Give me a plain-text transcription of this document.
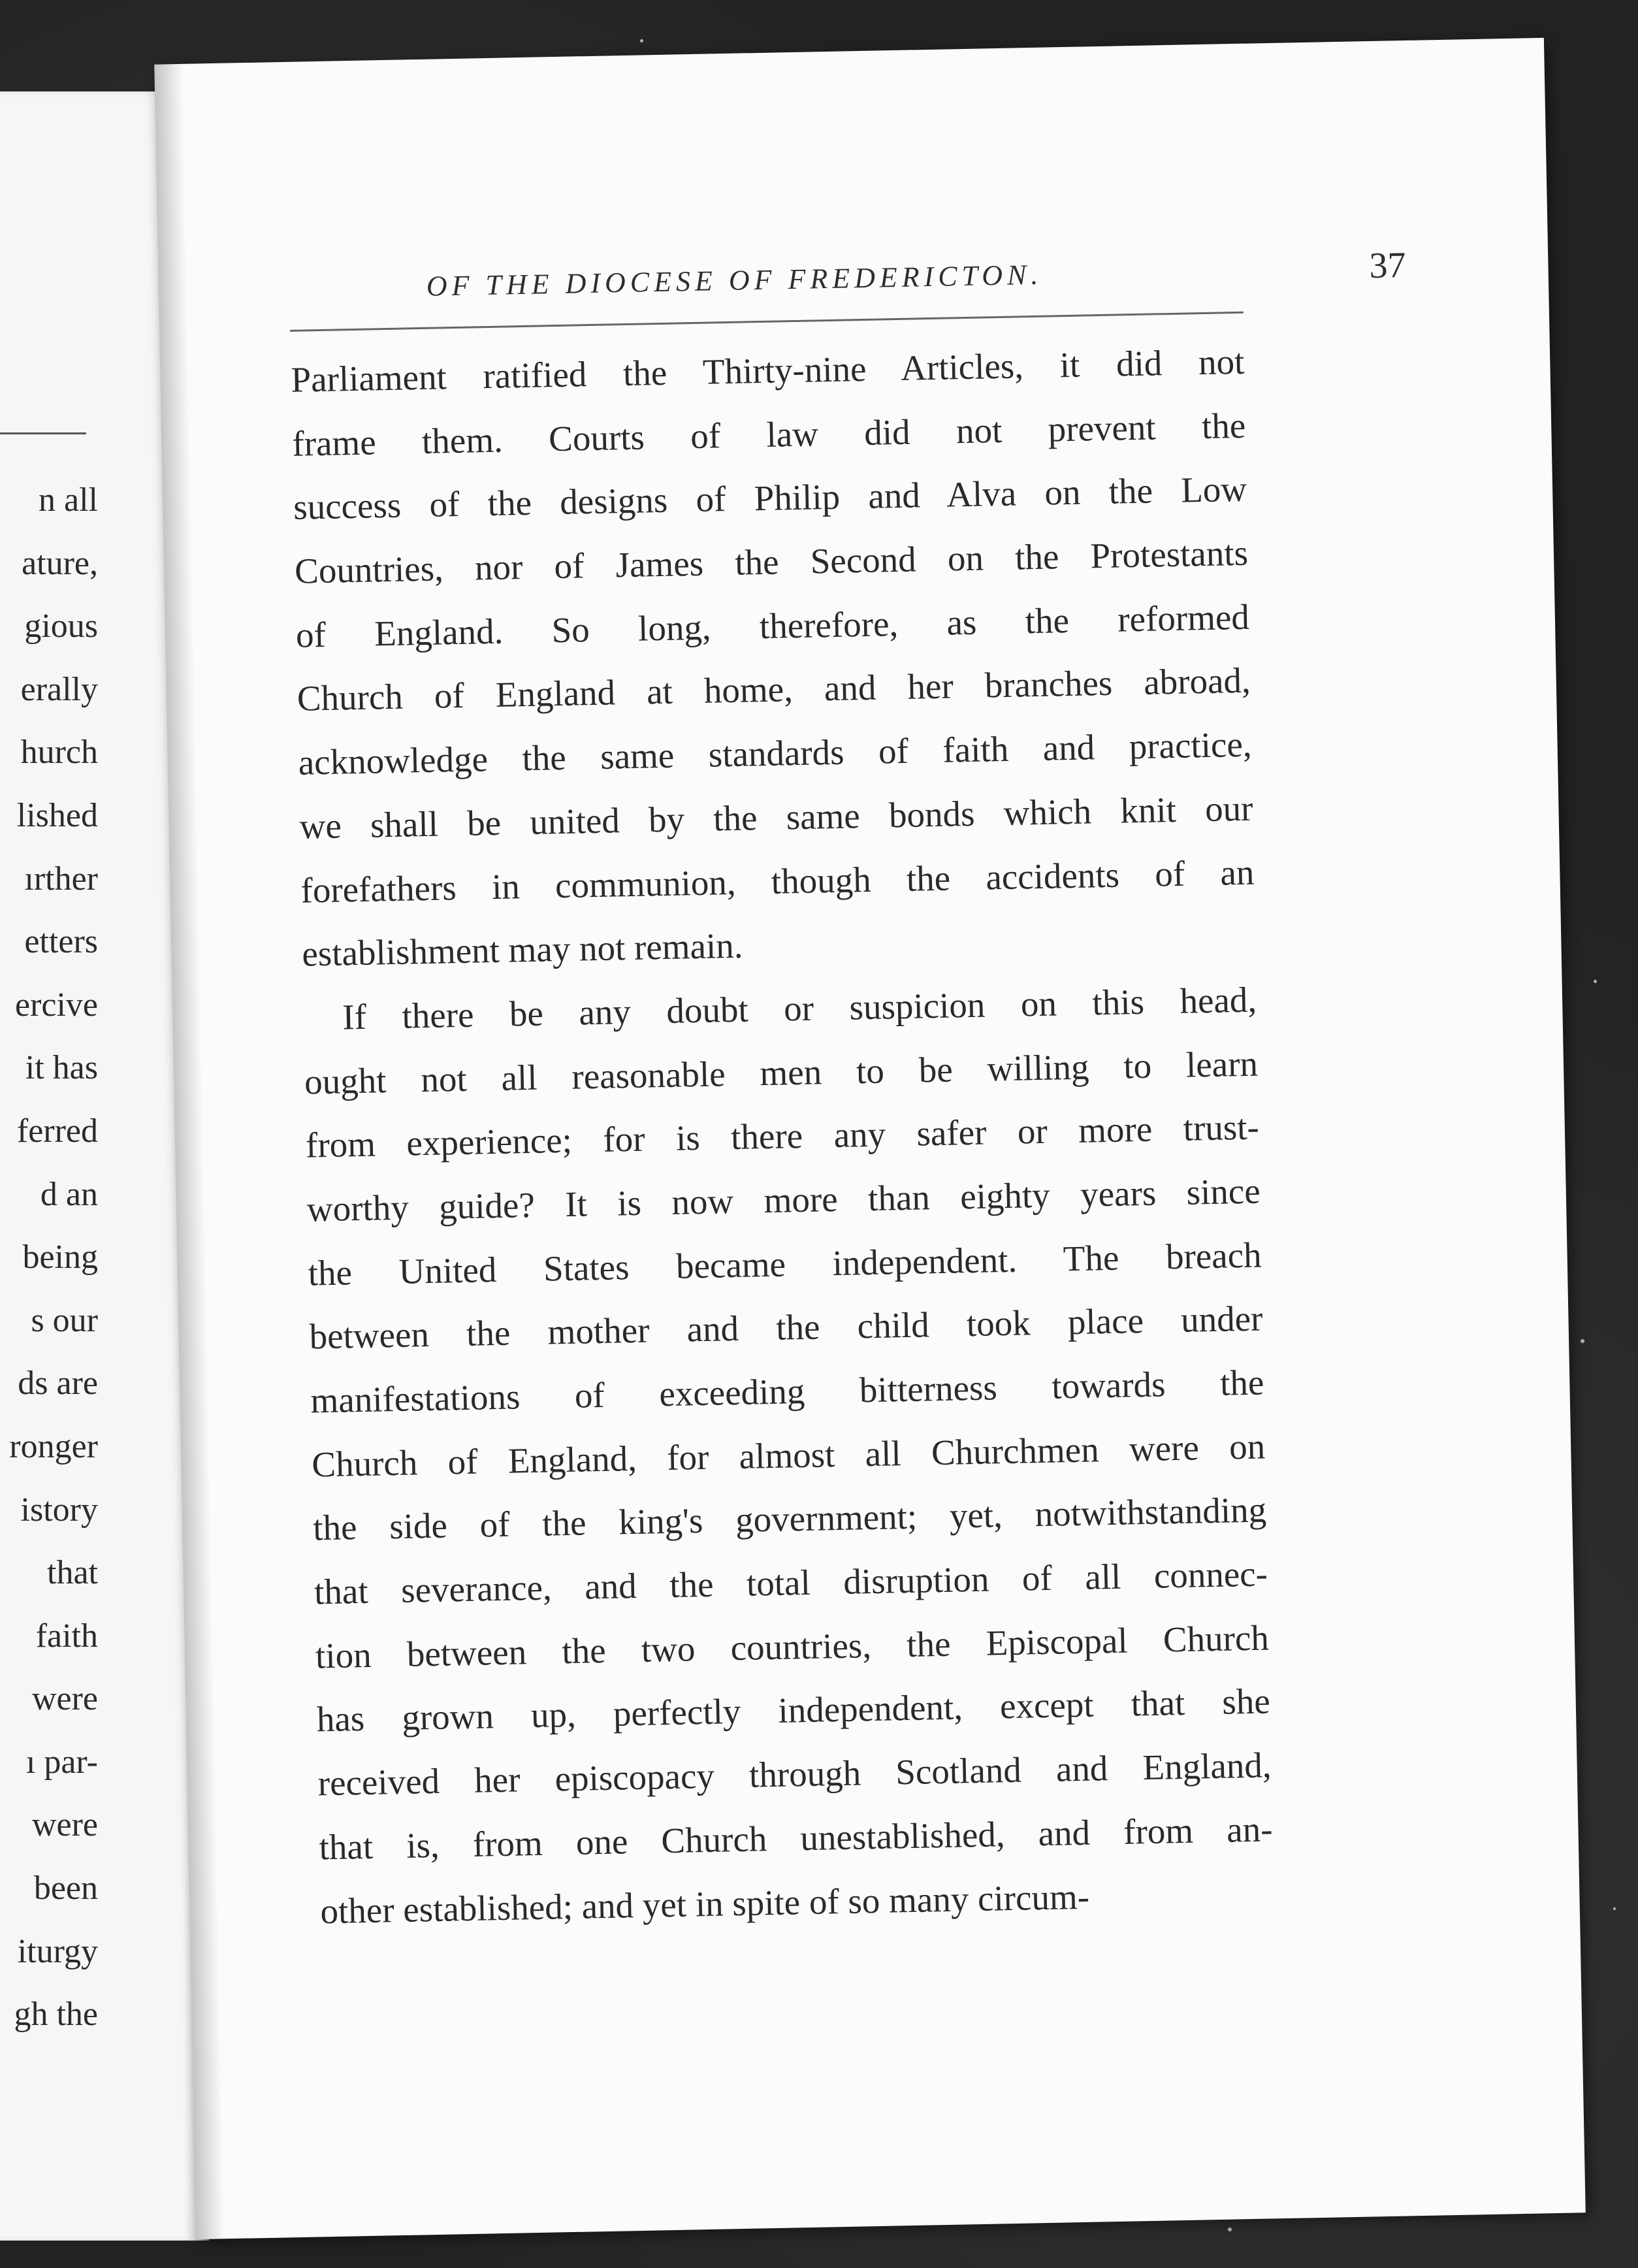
n all
ature,
gious
erally
hurch
lished
ırther
etters
ercive
it has
ferred
d an
being
s our
ds are
ronger
istory
that
faith
were
ı par-
were
been
iturgy
gh the
OF THE DIOCESE OF FREDERICTON.	37
Parliament ratified the Thirty-nine Articles, it did not
frame them. Courts of law did not prevent the
success of the designs of Philip and Alva on the Low
Countries, nor of James the Second on the Protestants
of England. So long, therefore, as the reformed
Church of England at home, and her branches abroad,
acknowledge the same standards of faith and practice,
we shall be united by the same bonds which knit our
forefathers in communion, though the accidents of an
establishment may not remain.
If there be any doubt or suspicion on this head,
ought not all reasonable men to be willing to learn
from experience; for is there any safer or more trust-
worthy guide? It is now more than eighty years since
the United States became independent. The breach
between the mother and the child took place under
manifestations of exceeding bitterness towards the
Church of England, for almost all Churchmen were on
the side of the king's government; yet, notwithstanding
that severance, and the total disruption of all connec-
tion between the two countries, the Episcopal Church
has grown up, perfectly independent, except that she
received her episcopacy through Scotland and England,
that is, from one Church unestablished, and from an-
other established; and yet in spite of so many circum-
